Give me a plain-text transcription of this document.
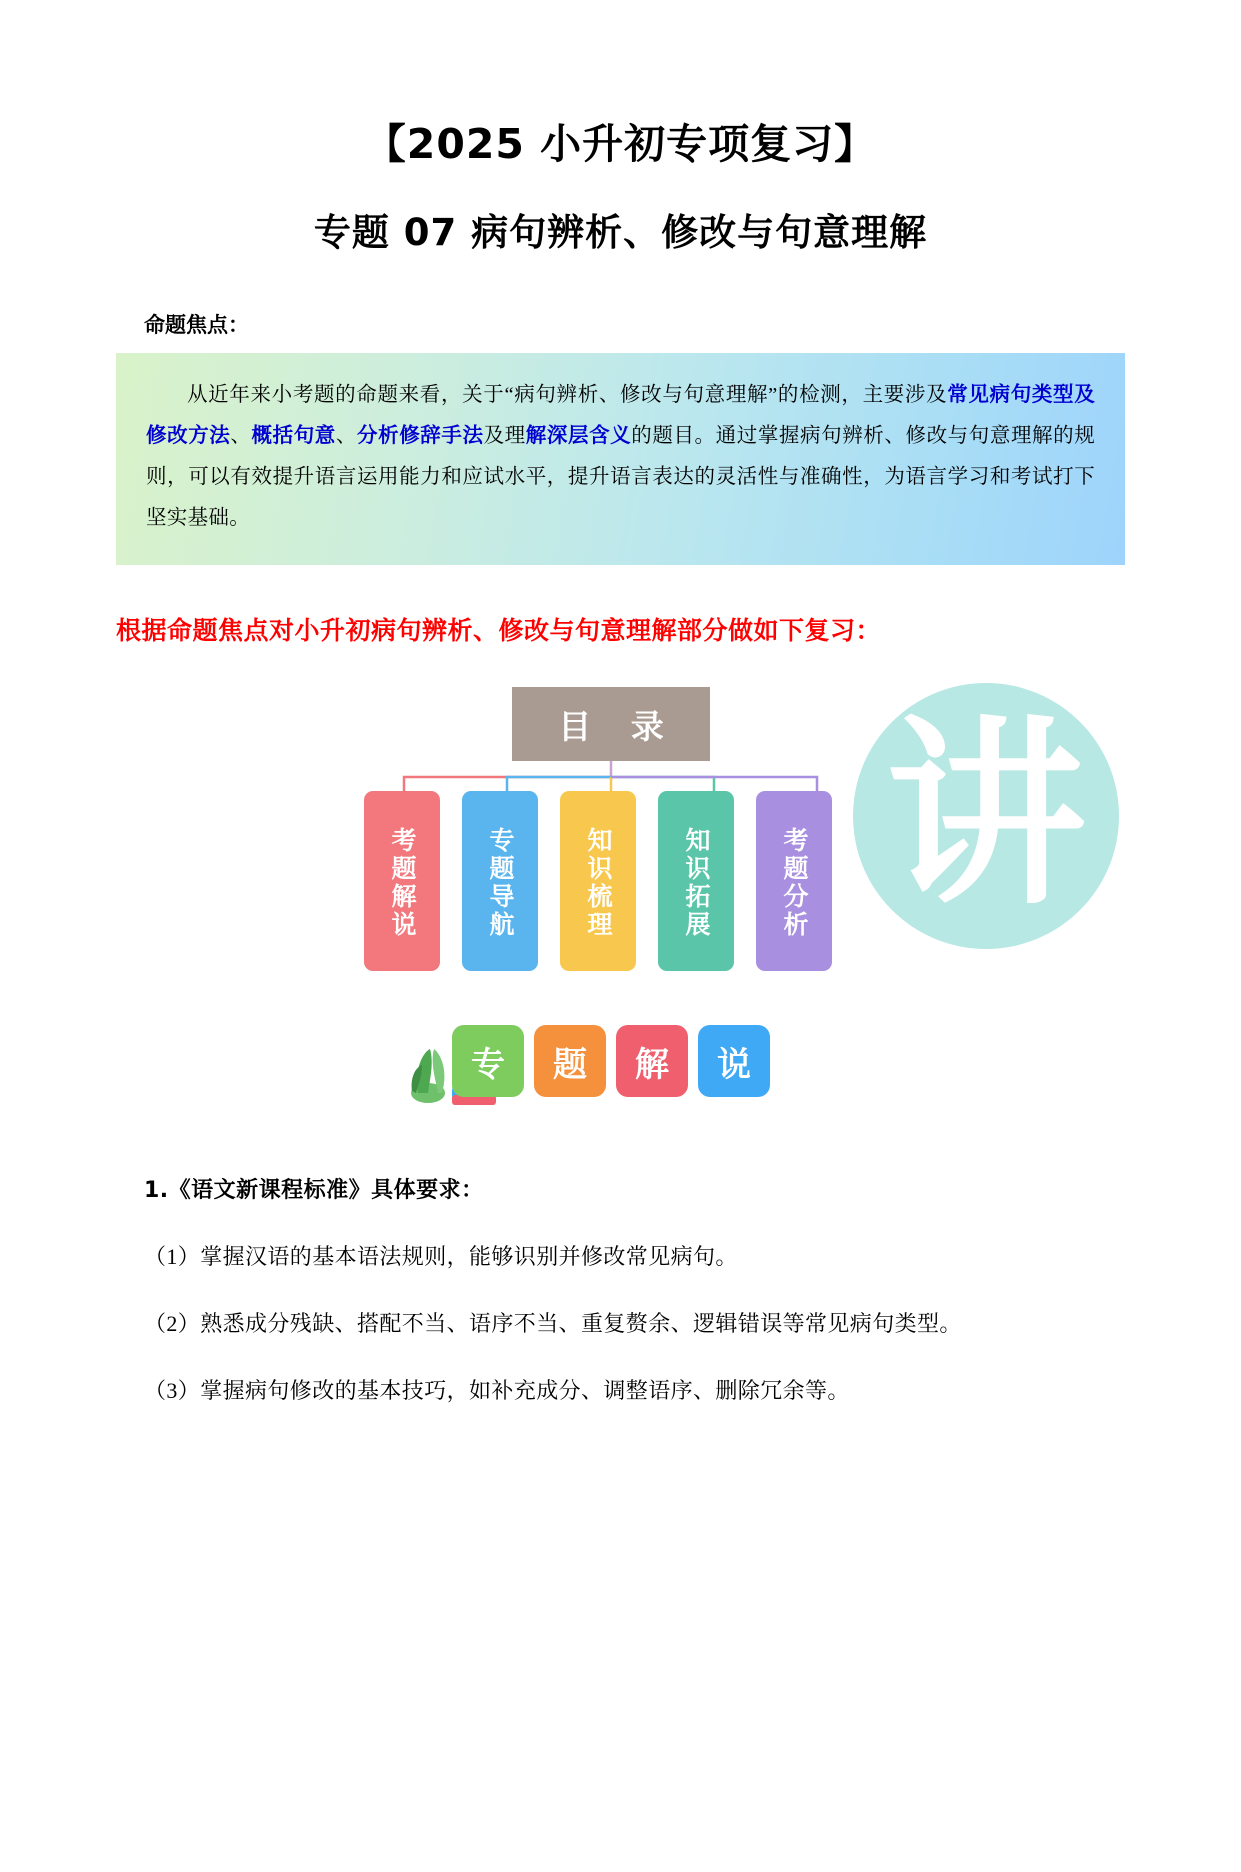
【2025 小升初专项复习】
专题 07 病句辨析、修改与句意理解
命题焦点：

从近年来小考题的命题来看，关于“病句辨析、修改与句意理解”的检测，主要涉及常见病句类型及修改方法、概括句意、分析修辞手法及理解深层含义的题目。通过掌握病句辨析、修改与句意理解的规则，可以有效提升语言运用能力和应试水平，提升语言表达的灵活性与准确性，为语言学习和考试打下坚实基础。

根据命题焦点对小升初病句辨析、修改与句意理解部分做如下复习：
讲
目 录
考题解说	专题导航	知识梳理	知识拓展	考题分析
专 题 解 说
1.《语文新课程标准》具体要求：
（1）掌握汉语的基本语法规则，能够识别并修改常见病句。
（2）熟悉成分残缺、搭配不当、语序不当、重复赘余、逻辑错误等常见病句类型。
（3）掌握病句修改的基本技巧，如补充成分、调整语序、删除冗余等。
